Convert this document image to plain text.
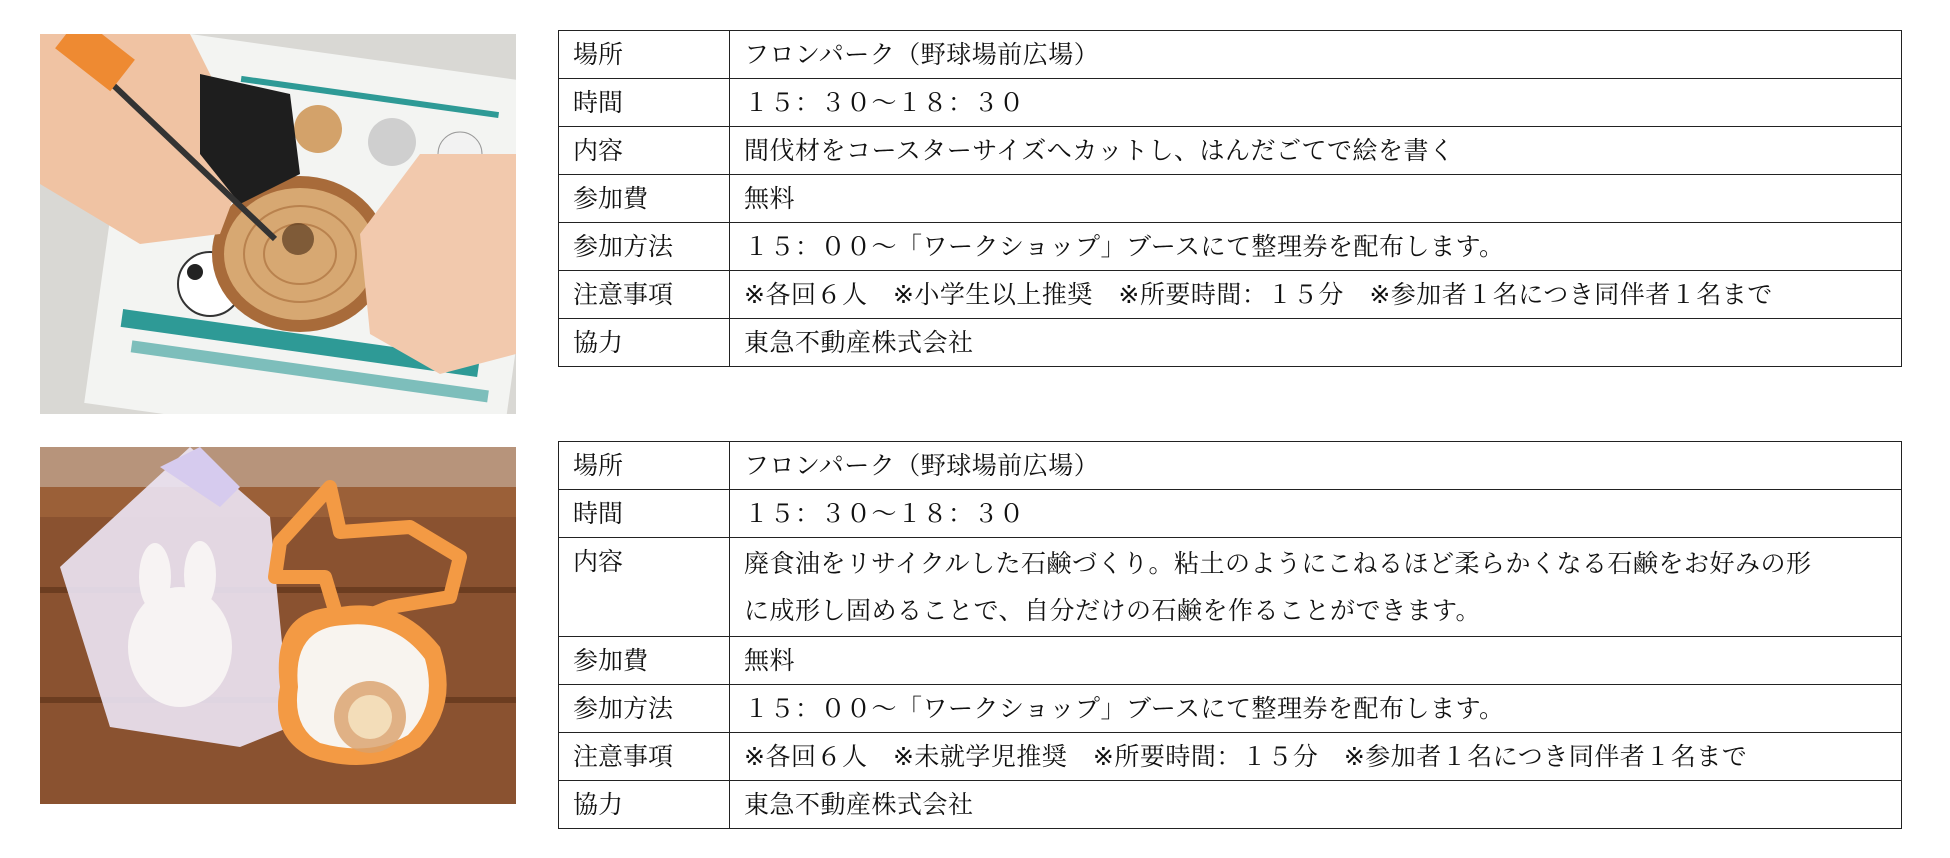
場所	フロンパーク（野球場前広場）
時間	１５：３０～１８：３０
内容	間伐材をコースターサイズへカットし、はんだごてで絵を書く
参加費	無料
参加方法	１５：００～「ワークショップ」ブースにて整理券を配布します。
注意事項	※各回６人　※小学生以上推奨　※所要時間：１５分　※参加者１名につき同伴者１名まで
協力	東急不動産株式会社
場所	フロンパーク（野球場前広場）
時間	１５：３０～１８：３０
内容	廃食油をリサイクルした石鹸づくり。粘土のようにこねるほど柔らかくなる石鹸をお好みの形
に成形し固めることで、自分だけの石鹸を作ることができます。

参加費	無料
参加方法	１５：００～「ワークショップ」ブースにて整理券を配布します。
注意事項	※各回６人　※未就学児推奨　※所要時間：１５分　※参加者１名につき同伴者１名まで
協力	東急不動産株式会社
